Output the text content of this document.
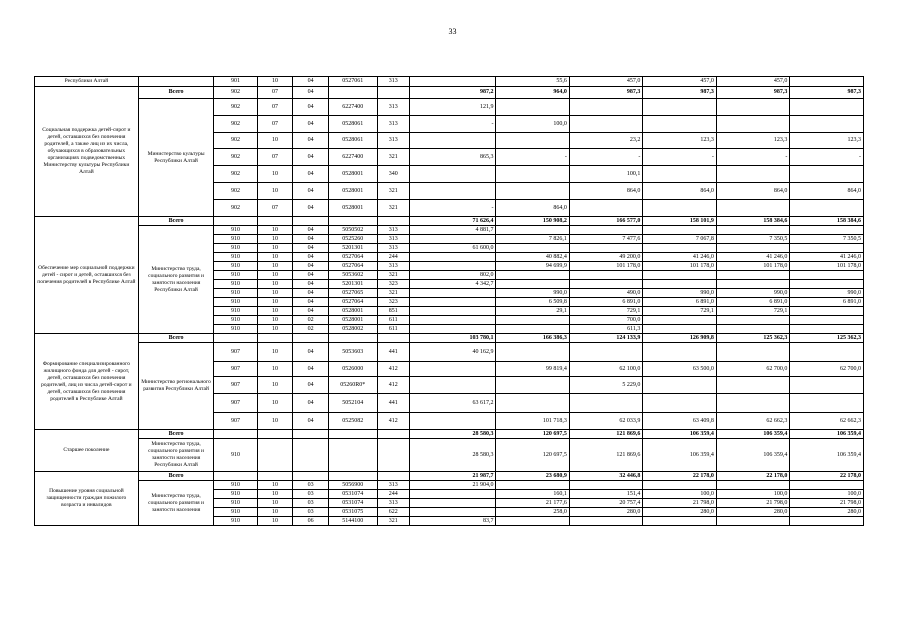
33
Республики Алтай		901	10	04	0527061	313		55,6	457,0	457,0	457,0	
Социальная поддержка детей-сирот и детей, оставшихся без попечения родителей, а также лиц из их числа, обучающихся в образовательных организациях подведомственных Министерству культуры Республики Алтай	Всего	902	07	04			987,2	964,0	987,3	987,3	987,3	987,3
	Министерство культуры Республики Алтай	902	07	04	6227400	313	121,9					
		902	07	04	0528061	313	-	100,0				
		902	10	04	0528061	313			23,2	123,3	123,3	123,3
		902	07	04	6227400	321	865,3	-	-	-	-	-
		902	10	04	0528001	340			100,1			
		902	10	04	0528001	321			864,0	864,0	864,0	864,0
		902	07	04	0528001	321	-	864,0				
Обеспечение мер социальной поддержки детей - сирот и детей, оставшихся без попечения родителей в Республике Алтай	Всего						71 626,4	150 908,2	166 577,0	158 101,9	158 384,6	158 384,6
	Министерство труда, социального развития и занятости населения Республики Алтай	910	10	04	5050502	313	4 881,7					
		910	10	04	0525260	313		7 826,1	7 477,6	7 067,8	7 350,5	7 350,5
		910	10	04	5201301	313	61 600,0					
		910	10	04	0527064	244		40 882,4	49 200,0	41 246,0	41 246,0	41 246,0
		910	10	04	0527064	313		94 699,9	101 178,0	101 178,0	101 178,0	101 178,0
		910	10	04	5053602	321	802,0					
		910	10	04	5201301	323	4 342,7					
		910	10	04	0527065	321		990,0	490,0	990,0	990,0	990,0
		910	10	04	0527064	323		6 509,8	6 891,0	6 891,0	6 891,0	6 891,0
		910	10	04	0528001	851		29,1	729,1	729,1	729,1	
		910	10	02	0528001	611			700,0			
		910	10	02	0528002	611			611,3			
Формирование специализированного жилищного фонда для детей - сирот, детей, оставшихся без попечения родителей, лиц из числа детей-сирот и детей, оставшихся без попечения родителей в Республике Алтай	Всего						103 780,1	166 386,3	124 133,9	126 909,8	125 362,3	125 362,3
	Министерство регионального развития Республики Алтай	907	10	04	5053603	441	40 162,9					
		907	10	04	0526000	412		99 819,4	62 100,0	63 500,0	62 700,0	62 700,0
		907	10	04	05260R0*	412			5 229,0			
		907	10	04	5052104	441	63 617,2					
		907	10	04	0525082	412		101 718,3	62 033,9	63 409,8	62 662,3	62 662,3
Старшее поколение	Всего						28 580,3	120 697,5	121 869,6	106 359,4	106 359,4	106 359,4
	Министерство труда, социального развития и занятости населения Республики Алтай	910					28 580,3	120 697,5	121 869,6	106 359,4	106 359,4	106 359,4
Повышение уровня социальной защищенности граждан пожилого возраста и инвалидов	Всего						21 987,7	23 680,9	32 446,8	22 178,0	22 178,0	22 178,0
	Министерство труда, социального развития и занятости населения	910	10	03	5056900	313	21 904,0					
		910	10	03	0531074	244		160,1	151,4	100,0	100,0	100,0
		910	10	03	0531074	313		21 177,6	20 757,4	21 798,0	21 798,0	21 798,0
		910	10	03	0531075	622		258,0	280,0	280,0	280,0	280,0
		910	10	06	5144100	321	83,7					
